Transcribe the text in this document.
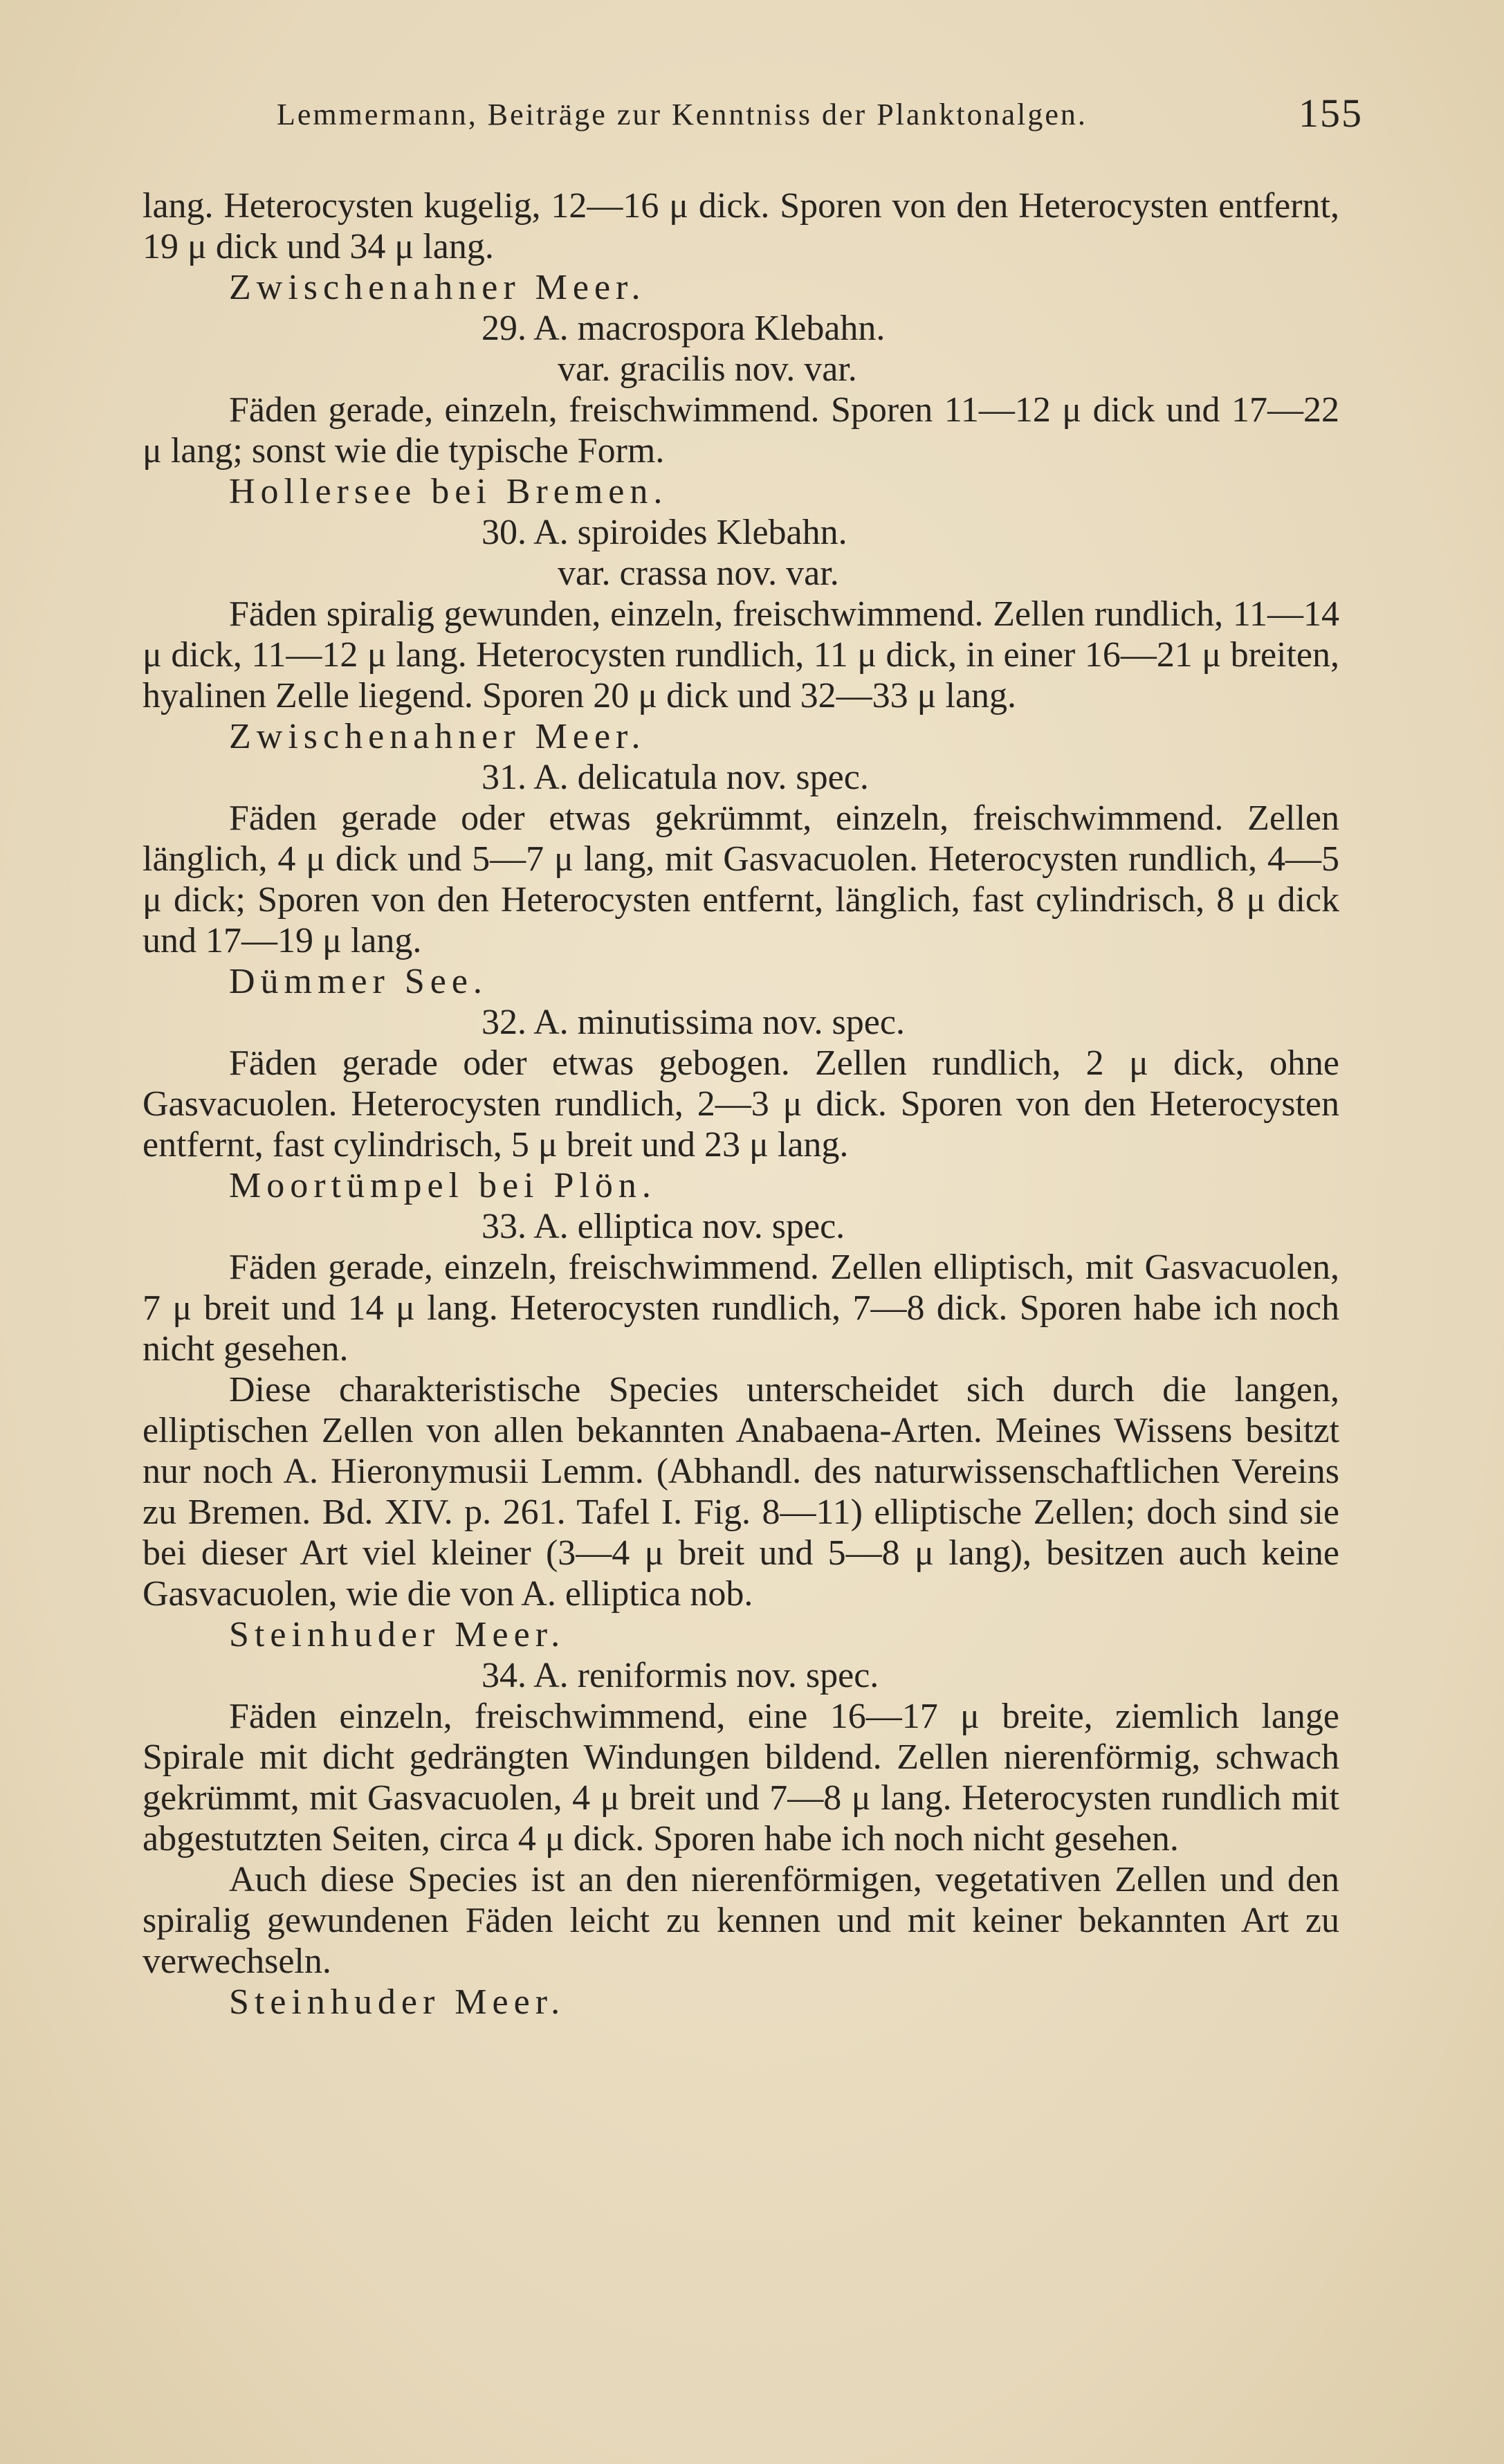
Lemmermann, Beiträge zur Kenntniss der Planktonalgen.	155

lang. Heterocysten kugelig, 12—16 μ dick. Sporen von den Heterocysten entfernt, 19 μ dick und 34 μ lang.

Zwischenahner Meer.

29. A. macrospora Klebahn.

var. gracilis nov. var.

Fäden gerade, einzeln, freischwimmend. Sporen 11—12 μ dick und 17—22 μ lang; sonst wie die typische Form.

Hollersee bei Bremen.

30. A. spiroides Klebahn.

var. crassa nov. var.

Fäden spiralig gewunden, einzeln, freischwimmend. Zellen rundlich, 11—14 μ dick, 11—12 μ lang. Heterocysten rundlich, 11 μ dick, in einer 16—21 μ breiten, hyalinen Zelle liegend. Sporen 20 μ dick und 32—33 μ lang.

Zwischenahner Meer.

31. A. delicatula nov. spec.

Fäden gerade oder etwas gekrümmt, einzeln, freischwimmend. Zellen länglich, 4 μ dick und 5—7 μ lang, mit Gasvacuolen. Heterocysten rundlich, 4—5 μ dick; Sporen von den Heterocysten entfernt, länglich, fast cylindrisch, 8 μ dick und 17—19 μ lang.

Dümmer See.

32. A. minutissima nov. spec.

Fäden gerade oder etwas gebogen. Zellen rundlich, 2 μ dick, ohne Gasvacuolen. Heterocysten rundlich, 2—3 μ dick. Sporen von den Heterocysten entfernt, fast cylindrisch, 5 μ breit und 23 μ lang.

Moortümpel bei Plön.

33. A. elliptica nov. spec.

Fäden gerade, einzeln, freischwimmend. Zellen elliptisch, mit Gasvacuolen, 7 μ breit und 14 μ lang. Heterocysten rundlich, 7—8 dick. Sporen habe ich noch nicht gesehen.

Diese charakteristische Species unterscheidet sich durch die langen, elliptischen Zellen von allen bekannten Anabaena-Arten. Meines Wissens besitzt nur noch A. Hieronymusii Lemm. (Abhandl. des naturwissenschaftlichen Vereins zu Bremen. Bd. XIV. p. 261. Tafel I. Fig. 8—11) elliptische Zellen; doch sind sie bei dieser Art viel kleiner (3—4 μ breit und 5—8 μ lang), besitzen auch keine Gasvacuolen, wie die von A. elliptica nob.

Steinhuder Meer.

34. A. reniformis nov. spec.

Fäden einzeln, freischwimmend, eine 16—17 μ breite, ziemlich lange Spirale mit dicht gedrängten Windungen bildend. Zellen nierenförmig, schwach gekrümmt, mit Gasvacuolen, 4 μ breit und 7—8 μ lang. Heterocysten rundlich mit abgestutzten Seiten, circa 4 μ dick. Sporen habe ich noch nicht gesehen.

Auch diese Species ist an den nierenförmigen, vegetativen Zellen und den spiralig gewundenen Fäden leicht zu kennen und mit keiner bekannten Art zu verwechseln.

Steinhuder Meer.
